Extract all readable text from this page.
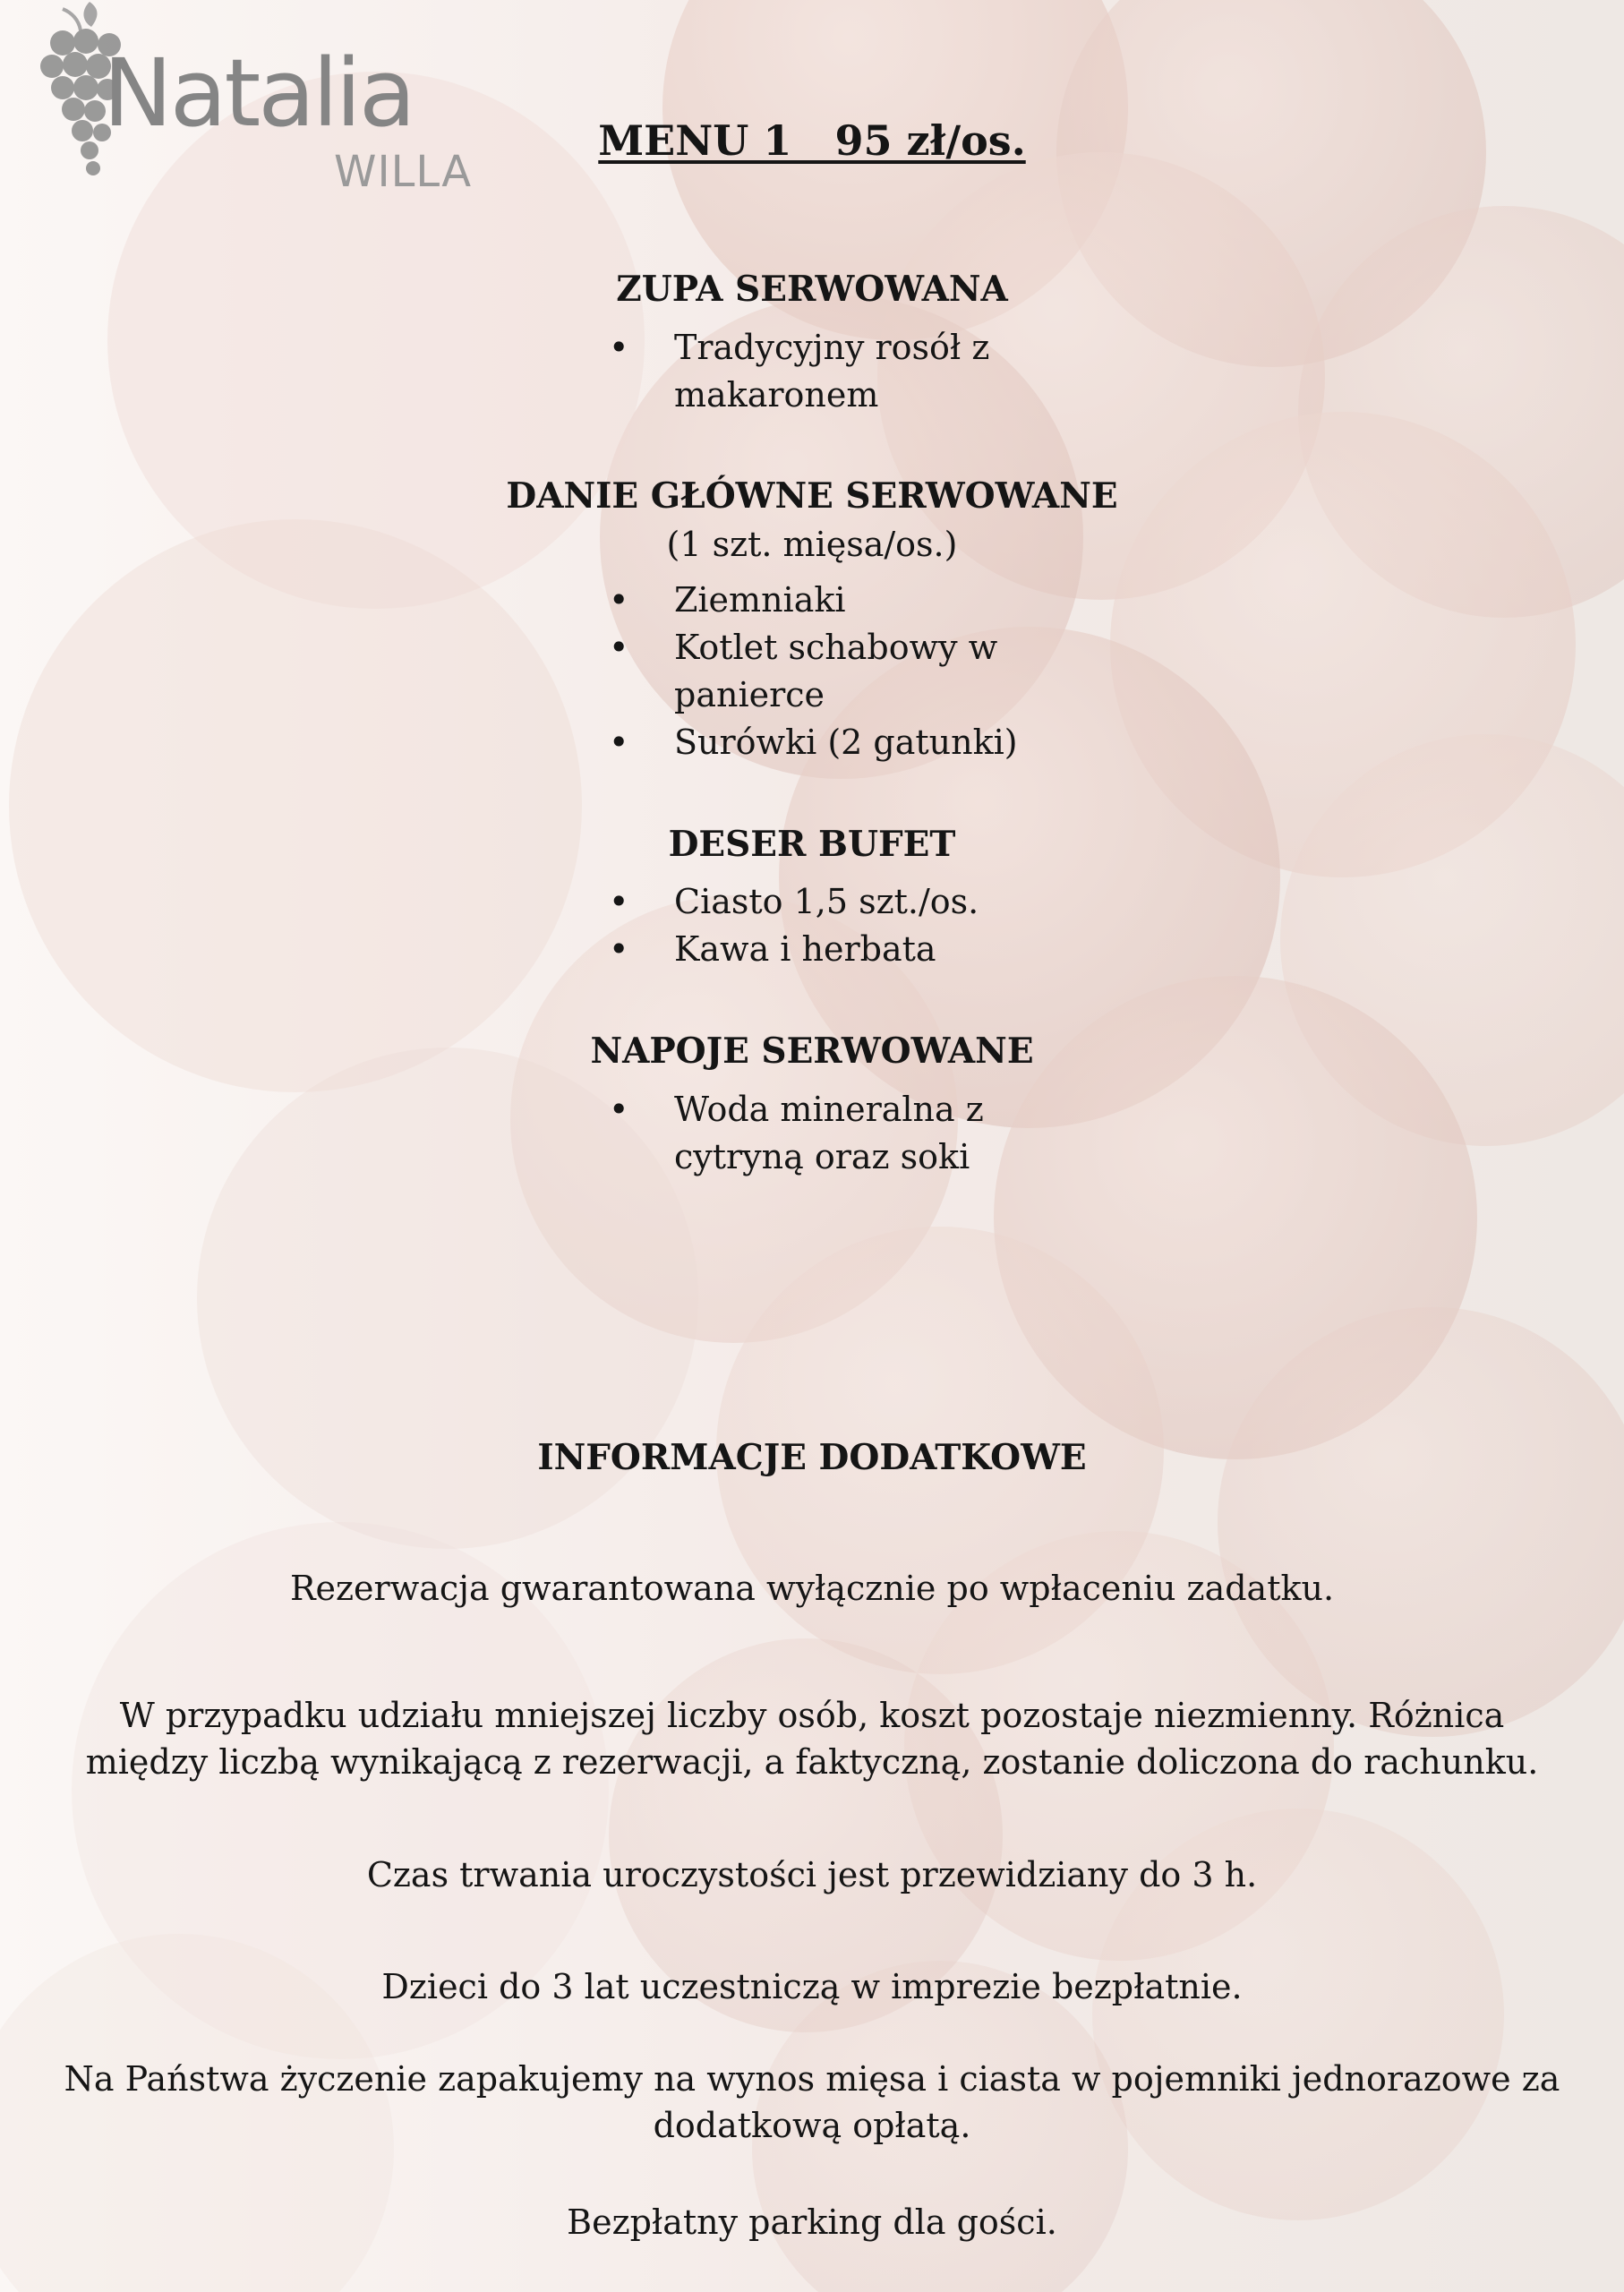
Natalia
WILLA
MENU 1   95 zł/os.
ZUPA SERWOWANA
• Tradycyjny rosół z makaronem
DANIE GŁÓWNE SERWOWANE
(1 szt. mięsa/os.)
• Ziemniaki
• Kotlet schabowy w panierce
• Surówki (2 gatunki)
DESER BUFET
• Ciasto 1,5 szt./os.
• Kawa i herbata
NAPOJE SERWOWANE
• Woda mineralna z cytryną oraz soki
INFORMACJE DODATKOWE

Rezerwacja gwarantowana wyłącznie po wpłaceniu zadatku.

W przypadku udziału mniejszej liczby osób, koszt pozostaje niezmienny. Różnica między liczbą wynikającą z rezerwacji, a faktyczną, zostanie doliczona do rachunku.

Czas trwania uroczystości jest przewidziany do 3 h.

Dzieci do 3 lat uczestniczą w imprezie bezpłatnie.

Na Państwa życzenie zapakujemy na wynos mięsa i ciasta w pojemniki jednorazowe za dodatkową opłatą.

Bezpłatny parking dla gości.
